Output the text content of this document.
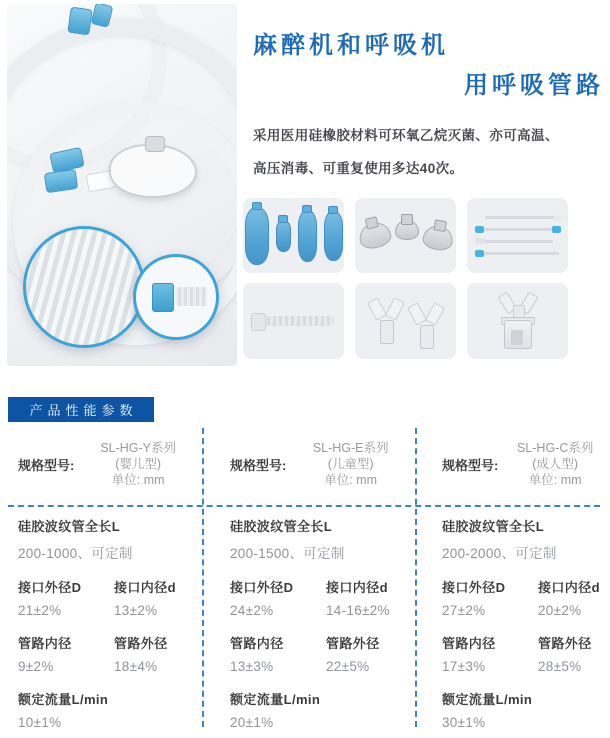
麻醉机和呼吸机
用呼吸管路

采用医用硅橡胶材料可环氧乙烷灭菌、亦可高温、
高压消毒、可重复使用多达40次。

产品性能参数
规格型号:
SL-HG-Y系列
(婴儿型)
单位: mm
硅胶波纹管全长L
200-1000、可定制
接口外径D	接口内径d
21±2%	13±2%
管路内径	管路外径
9±2%	18±4%
额定流量L/min
10±1%
规格型号:
SL-HG-E系列
(儿童型)
单位: mm
硅胶波纹管全长L
200-1500、可定制
接口外径D	接口内径d
24±2%	14-16±2%
管路内径	管路外径
13±3%	22±5%
额定流量L/min
20±1%
规格型号:
SL-HG-C系列
(成人型)
单位: mm
硅胶波纹管全长L
200-2000、可定制
接口外径D	接口内径d
27±2%	20±2%
管路内径	管路外径
17±3%	28±5%
额定流量L/min
30±1%
